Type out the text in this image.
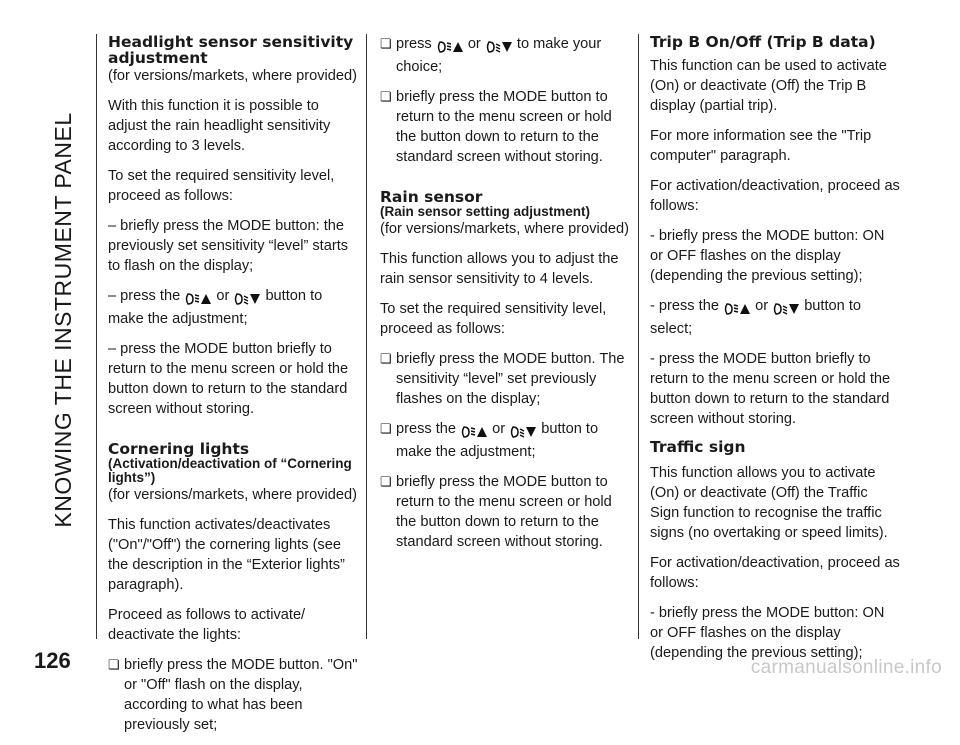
KNOWING THE INSTRUMENT PANEL
126	carmanualsonline.info
Headlight sensor sensitivity adjustment

(for versions/markets, where provided)

With this function it is possible to adjust the rain headlight sensitivity according to 3 levels.

To set the required sensitivity level, proceed as follows:

– briefly press the MODE button: the previously set sensitivity “level” starts to flash on the display;

– press the or button to make the adjustment;

– press the MODE button briefly to return to the menu screen or hold the button down to return to the standard screen without storing.

Cornering lights
(Activation/deactivation of “Cornering lights”)

(for versions/markets, where provided)

This function activates/deactivates ("On"/"Off") the cornering lights (see the description in the “Exterior lights” paragraph).

Proceed as follows to activate/ deactivate the lights:

❏ briefly press the MODE button. "On" or "Off" flash on the display, according to what has been previously set;

❏ press or to make your choice;

❏ briefly press the MODE button to return to the menu screen or hold the button down to return to the standard screen without storing.

Rain sensor
(Rain sensor setting adjustment)

(for versions/markets, where provided)

This function allows you to adjust the rain sensor sensitivity to 4 levels.

To set the required sensitivity level, proceed as follows:

❏ briefly press the MODE button. The sensitivity “level” set previously flashes on the display;

❏ press the or button to make the adjustment;

❏ briefly press the MODE button to return to the menu screen or hold the button down to return to the standard screen without storing.

Trip B On/Off (Trip B data)

This function can be used to activate (On) or deactivate (Off) the Trip B display (partial trip).

For more information see the "Trip computer" paragraph.

For activation/deactivation, proceed as follows:

- briefly press the MODE button: ON or OFF flashes on the display (depending the previous setting);

- press the or button to select;

- press the MODE button briefly to return to the menu screen or hold the button down to return to the standard screen without storing.

Traffic sign

This function allows you to activate (On) or deactivate (Off) the Traffic Sign function to recognise the traffic signs (no overtaking or speed limits).

For activation/deactivation, proceed as follows:

- briefly press the MODE button: ON or OFF flashes on the display (depending the previous setting);
